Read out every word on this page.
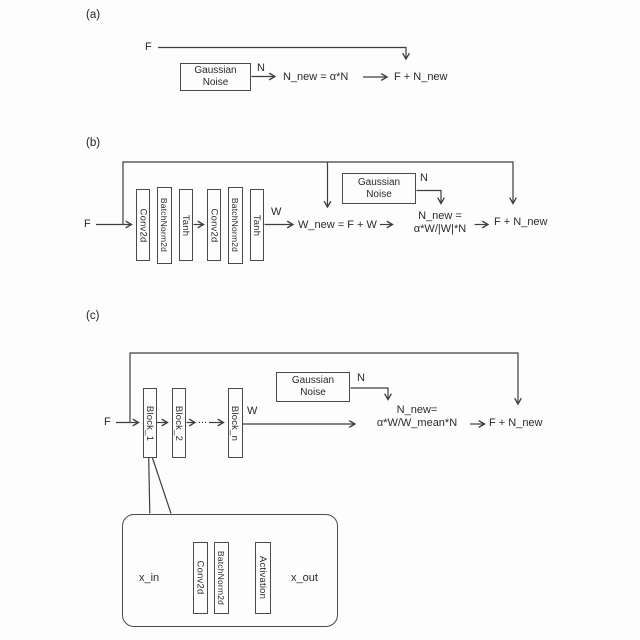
(a)
F
Gaussian
Noise
N
N_new = α*N	F + N_new
(b)
F	Conv2d BatchNorm2d Tanh Conv2d BatchNorm2d Tanh
W
W_new = F + W
Gaussian
Noise
N
N_new =
α*W/|W|*N
F + N_new
(c)
F	Block_1 Block_2 ... Block_n W
Gaussian
Noise
N
N_new=
α*W/W_mean*N	F + N_new
x_in	Conv2d BatchNorm2d	Activation x_out
